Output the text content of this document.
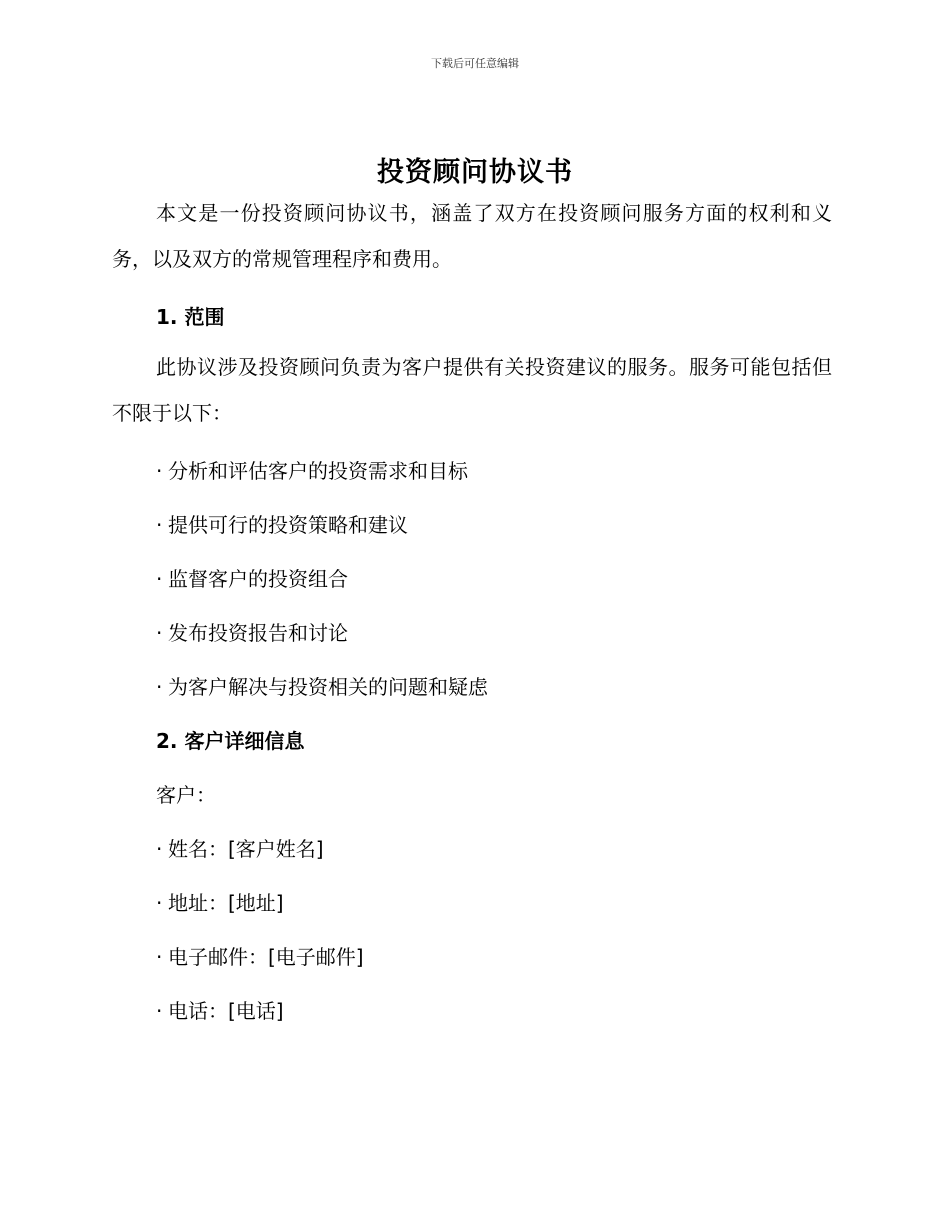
下载后可任意编辑
投资顾问协议书

本文是一份投资顾问协议书，涵盖了双方在投资顾问服务方面的权利和义务，以及双方的常规管理程序和费用。

1. 范围

此协议涉及投资顾问负责为客户提供有关投资建议的服务。服务可能包括但不限于以下：

· 分析和评估客户的投资需求和目标
· 提供可行的投资策略和建议
· 监督客户的投资组合
· 发布投资报告和讨论
· 为客户解决与投资相关的问题和疑虑
2. 客户详细信息
客户：
· 姓名：[客户姓名]
· 地址：[地址]
· 电子邮件：[电子邮件]
· 电话：[电话]
